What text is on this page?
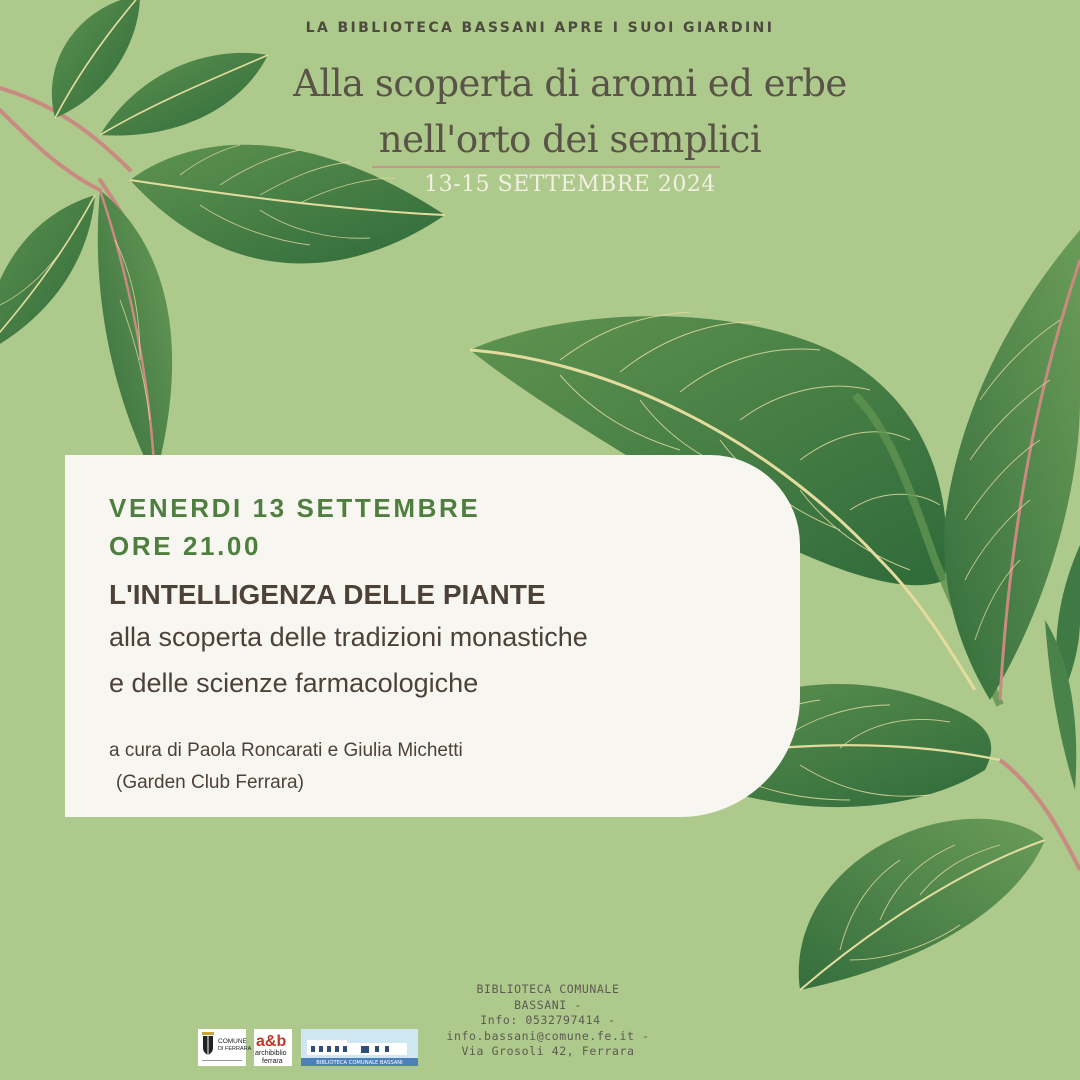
LA BIBLIOTECA BASSANI APRE I SUOI GIARDINI
Alla scoperta di aromi ed erbe
nell'orto dei semplici
13-15 SETTEMBRE 2024
VENERDI 13 SETTEMBRE
ORE 21.00
L'INTELLIGENZA DELLE PIANTE
alla scoperta delle tradizioni monastiche
e delle scienze farmacologiche
a cura di Paola Roncarati e Giulia Michetti
(Garden Club Ferrara)
COMUNE
DI FERRARA a&b
archibiblio
ferrara	BIBLIOTECA COMUNALE BASSANI
BIBLIOTECA COMUNALE
BASSANI -
Info: 0532797414 -
info.bassani@comune.fe.it -
Via Grosoli 42, Ferrara
